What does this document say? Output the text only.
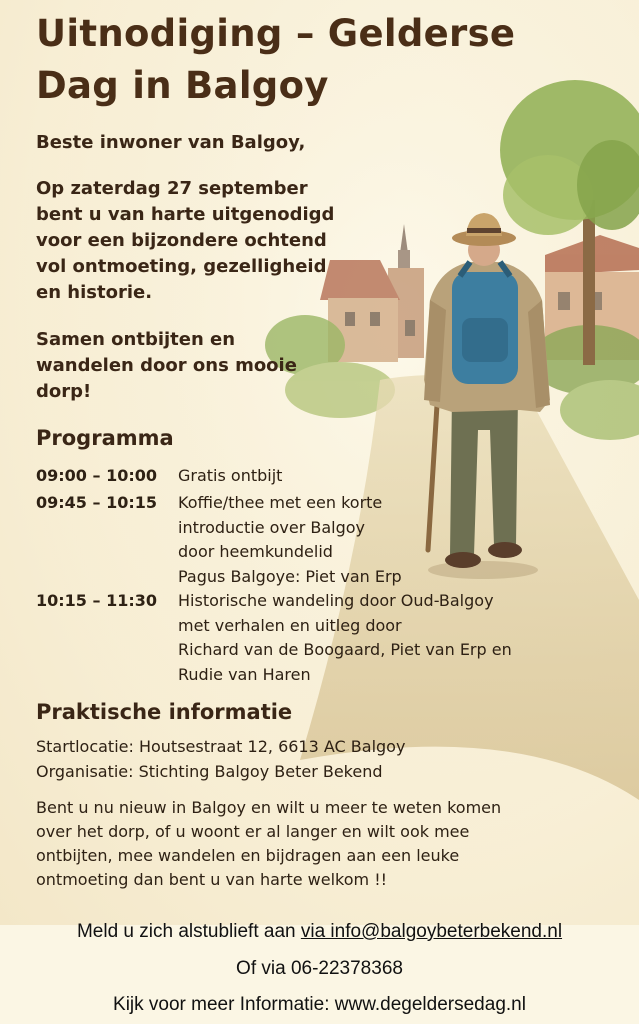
Uitnodiging – Gelderse
Dag in Balgoy
Beste inwoner van Balgoy,
Op zaterdag 27 september
bent u van harte uitgenodigd
voor een bijzondere ochtend
vol ontmoeting, gezelligheid
en historie.
Samen ontbijten en
wandelen door ons mooie
dorp!
Programma
09:00 – 10:00	Gratis ontbijt
09:45 – 10:15	Koffie/thee met een korte
introductie over Balgoy
door heemkundelid
Pagus Balgoye: Piet van Erp
10:15 – 11:30	Historische wandeling door Oud-Balgoy
met verhalen en uitleg door
Richard van de Boogaard, Piet van Erp en
Rudie van Haren
Praktische informatie
Startlocatie: Houtsestraat 12, 6613 AC Balgoy
Organisatie: Stichting Balgoy Beter Bekend
Bent u nu nieuw in Balgoy en wilt u meer te weten komen
over het dorp, of u woont er al langer en wilt ook mee
ontbijten, mee wandelen en bijdragen aan een leuke
ontmoeting dan bent u van harte welkom !!
Meld u zich alstublieft aan via info@balgoybeterbekend.nl
Of via 06-22378368
Kijk voor meer Informatie: www.degeldersedag.nl
